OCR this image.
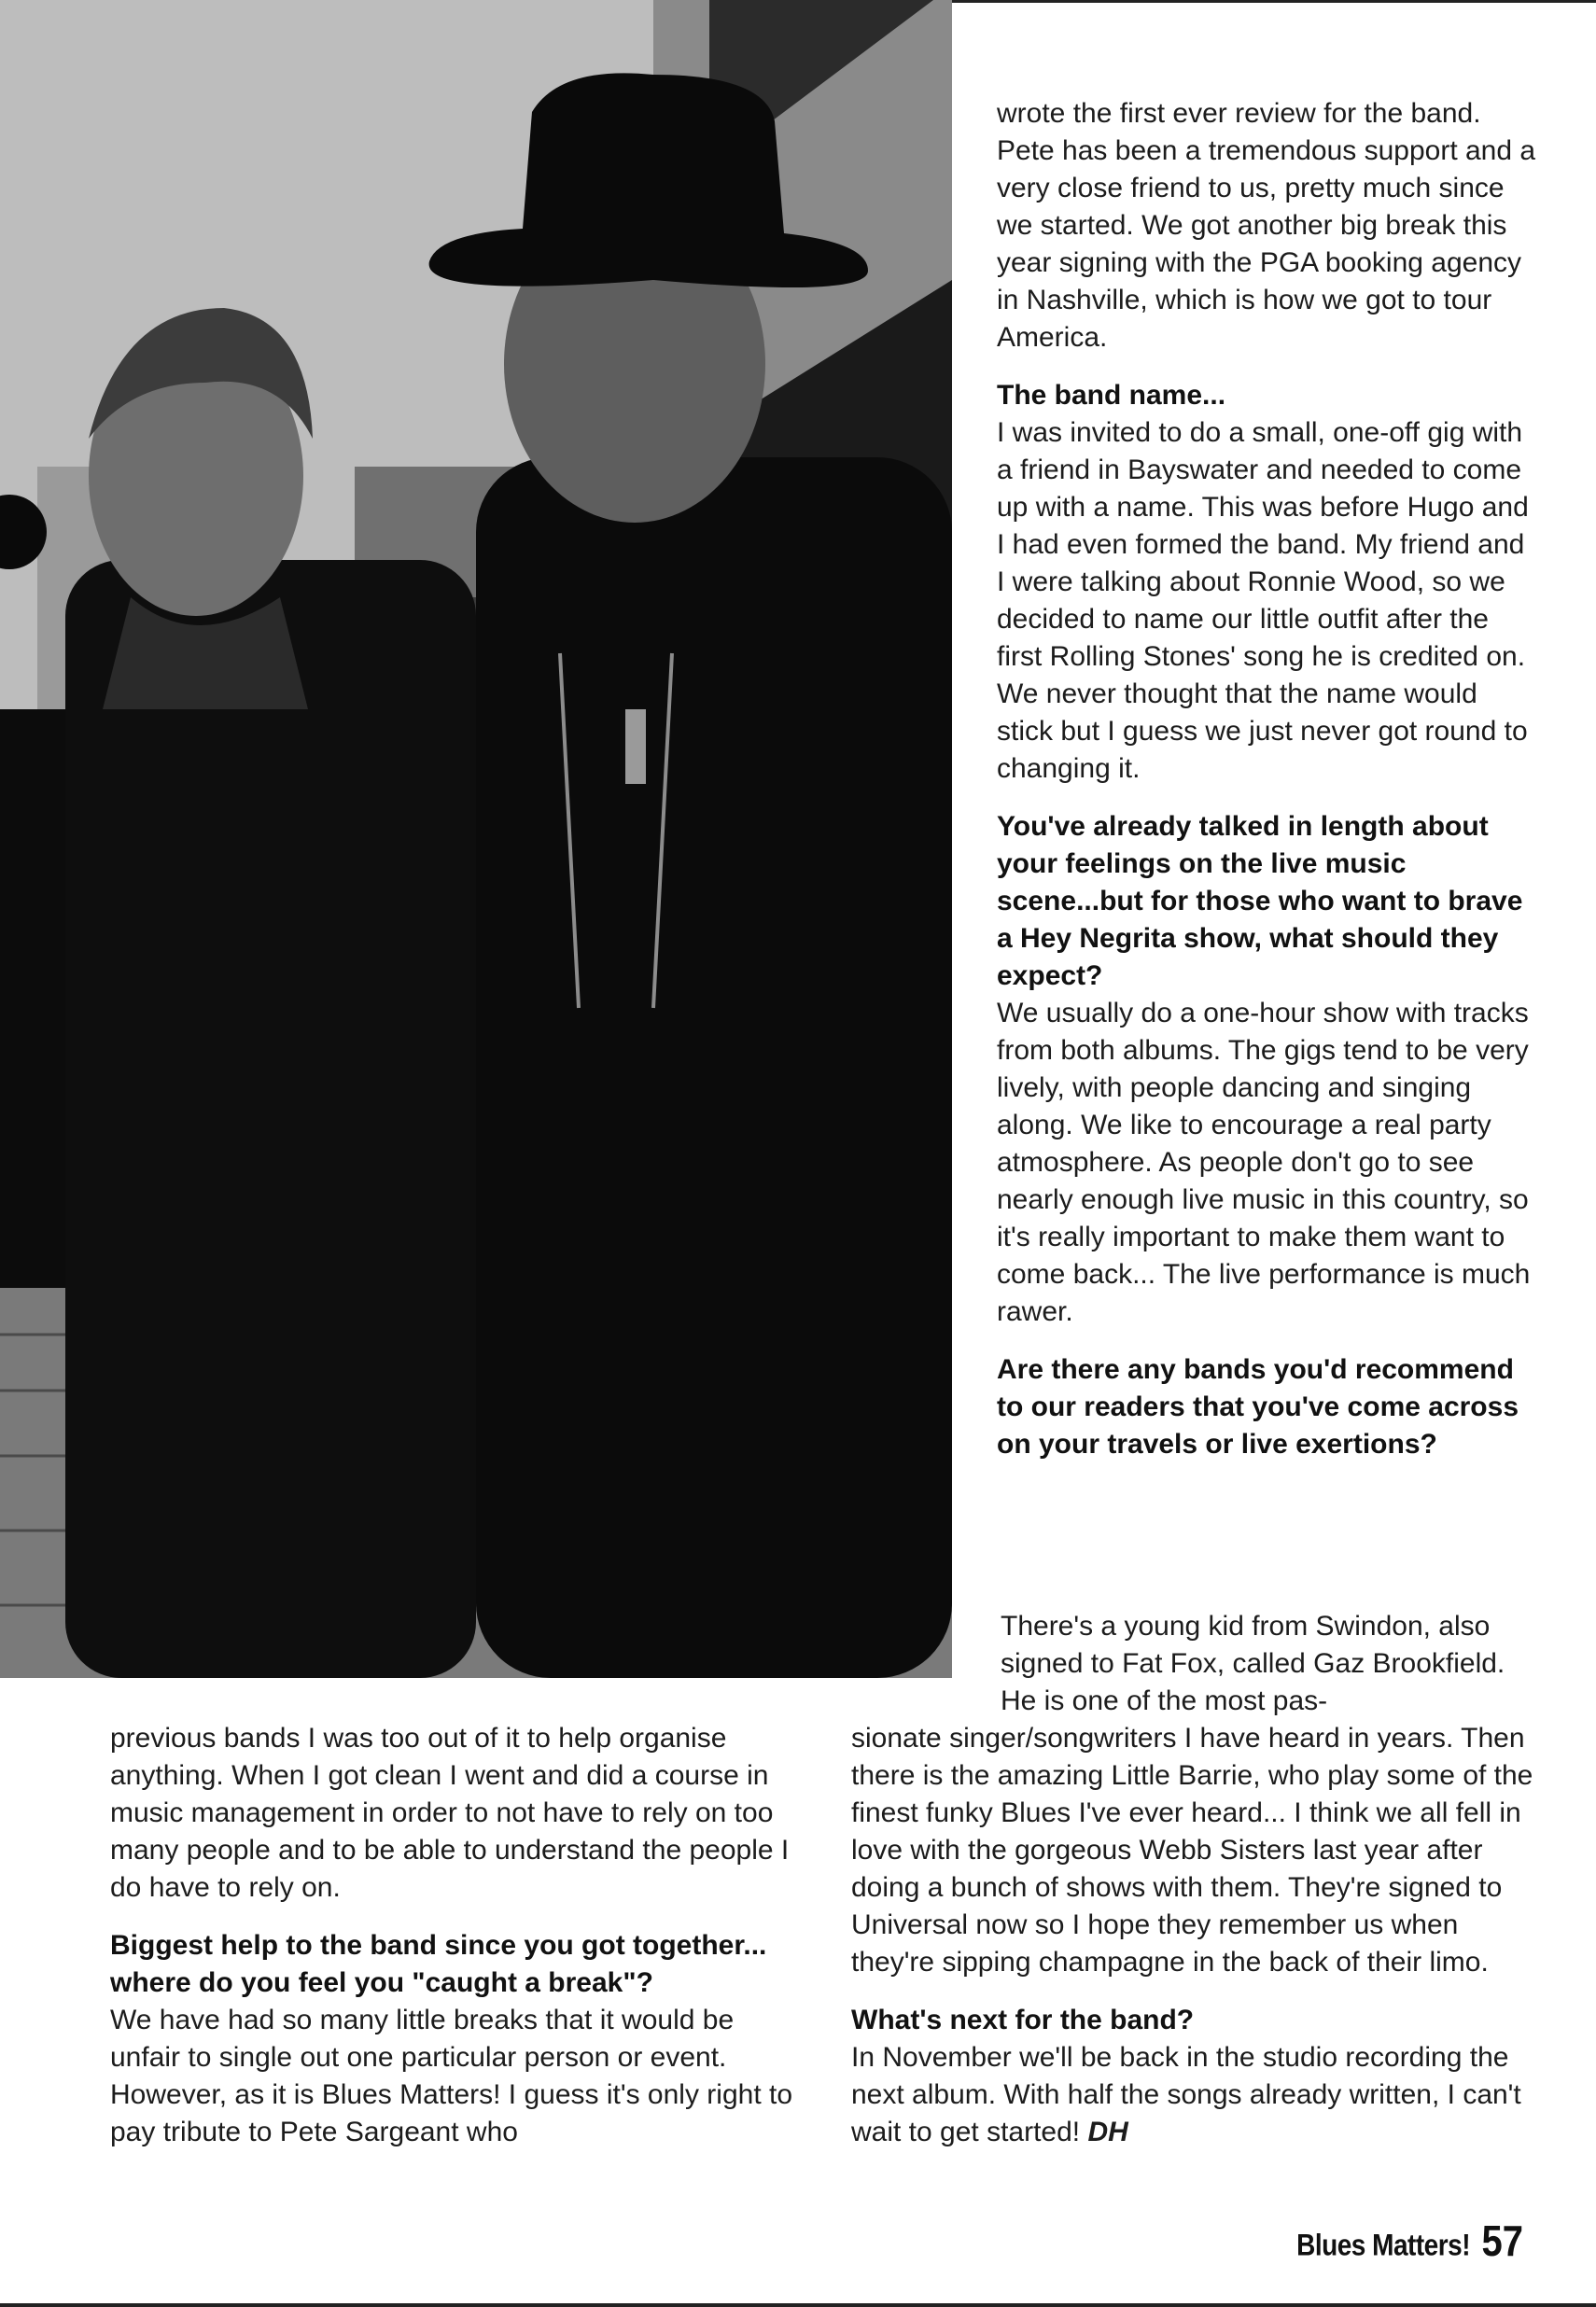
wrote the first ever review for the band. Pete has been a tremendous support and a very close friend to us, pretty much since we started. We got another big break this year signing with the PGA booking agency in Nashville, which is how we got to tour America.

The band name...

I was invited to do a small, one-off gig with a friend in Bayswater and needed to come up with a name. This was before Hugo and I had even formed the band. My friend and I were talking about Ronnie Wood, so we decided to name our little outfit after the first Rolling Stones' song he is credited on. We never thought that the name would stick but I guess we just never got round to changing it.

You've already talked in length about your feelings on the live music scene...but for those who want to brave a Hey Negrita show, what should they expect?

We usually do a one-hour show with tracks from both albums. The gigs tend to be very lively, with people dancing and singing along. We like to encourage a real party atmosphere. As people don't go to see nearly enough live music in this country, so it's really important to make them want to come back... The live performance is much rawer.

Are there any bands you'd recommend to our readers that you've come across on your travels or live exertions?

There's a young kid from Swindon, also signed to Fat Fox, called Gaz Brookfield. He is one of the most pas-

previous bands I was too out of it to help organise anything. When I got clean I went and did a course in music management in order to not have to rely on too many people and to be able to understand the people I do have to rely on.

Biggest help to the band since you got together... where do you feel you "caught a break"?

We have had so many little breaks that it would be unfair to single out one particular person or event. However, as it is Blues Matters! I guess it's only right to pay tribute to Pete Sargeant who

sionate singer/songwriters I have heard in years. Then there is the amazing Little Barrie, who play some of the finest funky Blues I've ever heard... I think we all fell in love with the gorgeous Webb Sisters last year after doing a bunch of shows with them. They're signed to Universal now so I hope they remember us when they're sipping champagne in the back of their limo.

What's next for the band?

In November we'll be back in the studio recording the next album. With half the songs already written, I can't wait to get started! DH

Blues Matters! 57
